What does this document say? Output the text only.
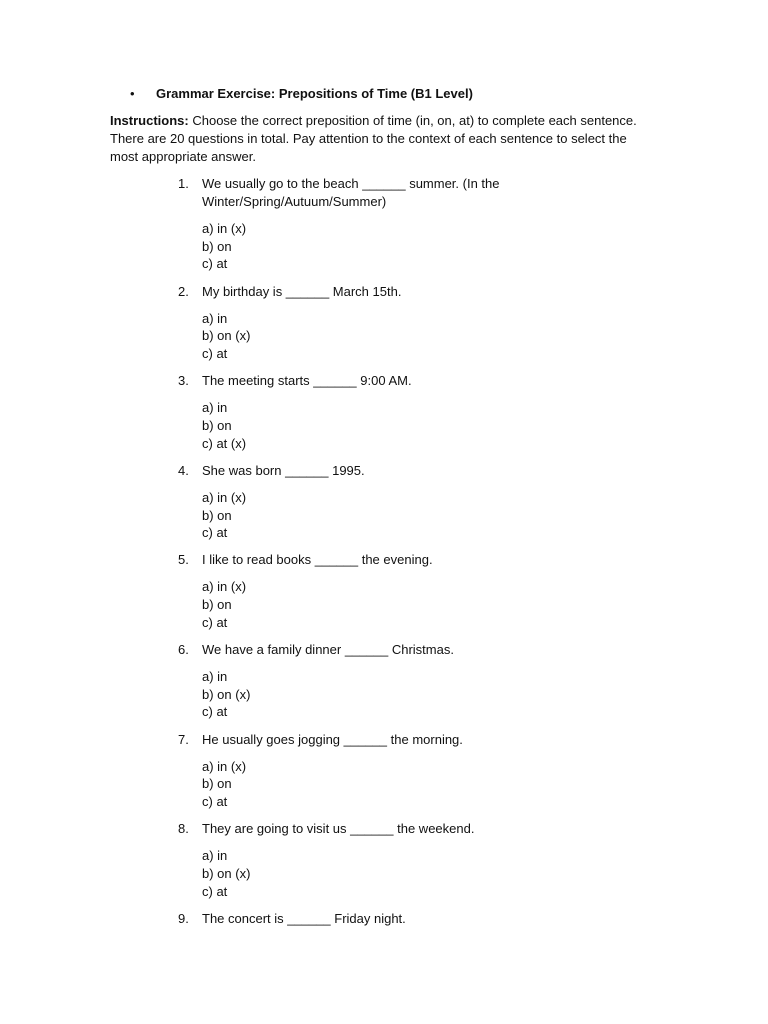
•	Grammar Exercise: Prepositions of Time (B1 Level)

Instructions: Choose the correct preposition of time (in, on, at) to complete each sentence. There are 20 questions in total. Pay attention to the context of each sentence to select the most appropriate answer.

1.	We usually go to the beach ______ summer. (In the Winter/Spring/Autuum/Summer)
a) in (x)
b) on
c) at
2.	My birthday is ______ March 15th.
a) in
b) on (x)
c) at
3.	The meeting starts ______ 9:00 AM.
a) in
b) on
c) at (x)
4.	She was born ______ 1995.
a) in (x)
b) on
c) at
5.	I like to read books ______ the evening.
a) in (x)
b) on
c) at
6.	We have a family dinner ______ Christmas.
a) in
b) on (x)
c) at
7.	He usually goes jogging ______ the morning.
a) in (x)
b) on
c) at
8.	They are going to visit us ______ the weekend.
a) in
b) on (x)
c) at
9.	The concert is ______ Friday night.
